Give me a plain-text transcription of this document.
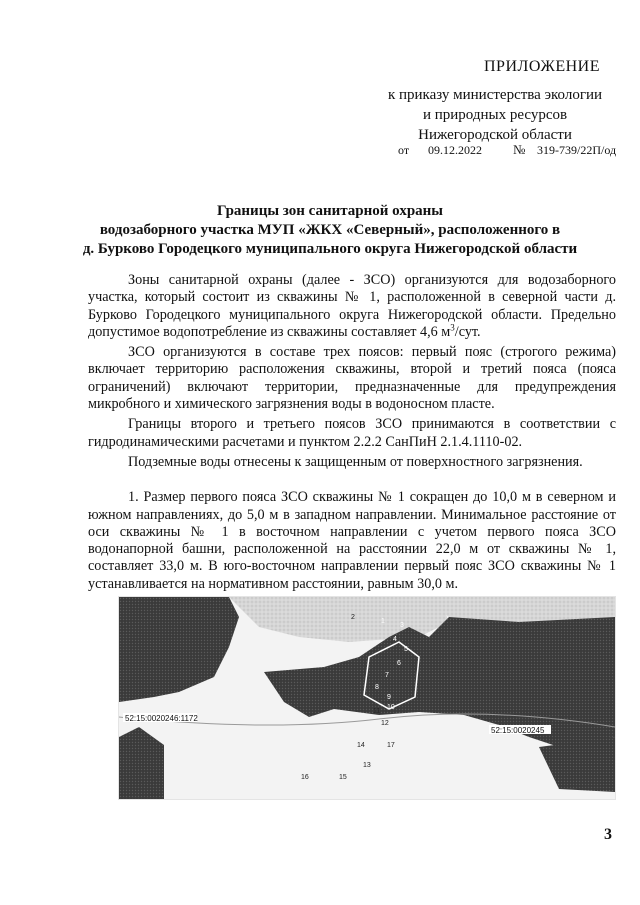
ПРИЛОЖЕНИЕ
к приказу министерства экологии
и природных ресурсов
Нижегородской области
от 09.12.2022 № 319-739/22П/од
Границы зон санитарной охраны
водозаборного участка МУП «ЖКХ «Северный», расположенного в
д. Бурково Городецкого муниципального округа Нижегородской области

Зоны санитарной охраны (далее - ЗСО) организуются для водозаборного участка, который состоит из скважины № 1, расположенной в северной части д. Бурково Городецкого муниципального округа Нижегородской области. Предельно допустимое водопотребление из скважины составляет 4,6 $м^3$/сут.

ЗСО организуются в составе трех поясов: первый пояс (строгого режима) включает территорию расположения скважины, второй и третий пояса (пояса ограничений) включают территории, предназначенные для предупреждения микробного и химического загрязнения воды в водоносном пласте.

Границы второго и третьего поясов ЗСО принимаются в соответствии с гидродинамическими расчетами и пунктом 2.2.2 СанПиН 2.1.4.1110-02.

Подземные воды отнесены к защищенным от поверхностного загрязнения.

1. Размер первого пояса ЗСО скважины № 1 сокращен до 10,0 м в северном и южном направлениях, до 5,0 м в западном направлении. Минимальное расстояние от оси скважины № 1 в восточном направлении с учетом первого пояса ЗСО водонапорной башни, расположенной на расстоянии 22,0 м от скважины № 1, составляет 33,0 м. В юго-восточном направлении первый пояс ЗСО скважины № 1 устанавливается на нормативном расстоянии, равным 30,0 м.

52:15:0020246:1172
52:15:0020245
1
2
3
4
5
6
7
8
9
10
11
12
13
14
15
16
17
3
